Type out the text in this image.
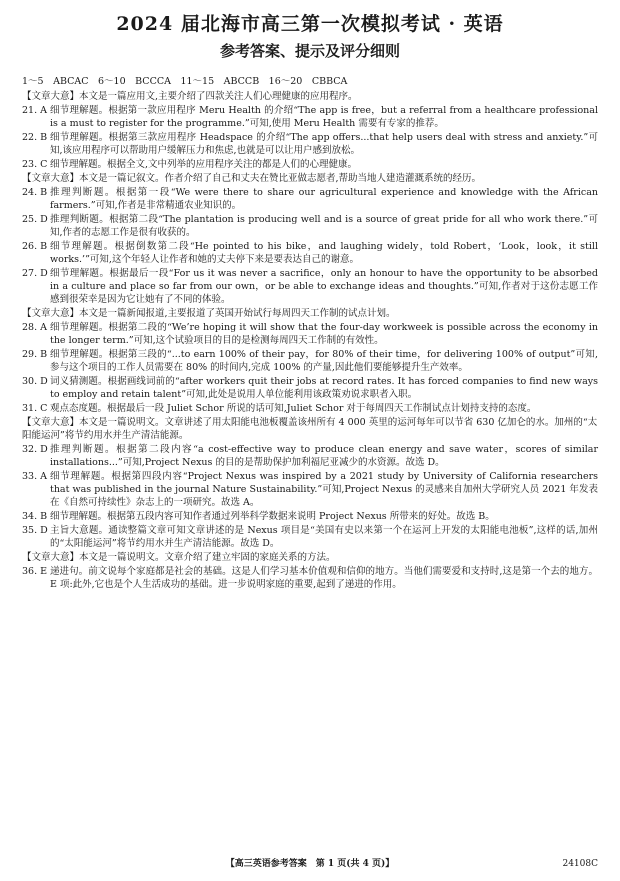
2024 届北海市高三第一次模拟考试 · 英语
参考答案、提示及评分细则
1～5　ABCAC　6～10　BCCCA　11～15　ABCCB　16～20　CBBCA
【文章大意】本文是一篇应用文,主要介绍了四款关注人们心理健康的应用程序。
21. A 细节理解题。根据第一款应用程序 Meru Health 的介绍“The app is free，but a referral from a healthcare professional is a must to register for the programme.”可知,使用 Meru Health 需要有专家的推荐。
22. B 细节理解题。根据第三款应用程序 Headspace 的介绍“The app offers...that help users deal with stress and anxiety.”可知,该应用程序可以帮助用户缓解压力和焦虑,也就是可以让用户感到放松。
23. C 细节理解题。根据全文,文中列举的应用程序关注的都是人们的心理健康。
【文章大意】本文是一篇记叙文。作者介绍了自己和丈夫在赞比亚做志愿者,帮助当地人建造灌溉系统的经历。
24. B 推理判断题。根据第一段“We were there to share our agricultural experience and knowledge with the African farmers.”可知,作者是非常精通农业知识的。
25. D 推理判断题。根据第二段“The plantation is producing well and is a source of great pride for all who work there.”可知,作者的志愿工作是很有收获的。
26. B 细节理解题。根据倒数第二段“He pointed to his bike，and laughing widely，told Robert，‘Look，look，it still works.’”可知,这个年轻人让作者和她的丈夫停下来是要表达自己的谢意。
27. D 细节理解题。根据最后一段“For us it was never a sacrifice，only an honour to have the opportunity to be absorbed in a culture and place so far from our own，or be able to exchange ideas and thoughts.”可知,作者对于这份志愿工作感到很荣幸是因为它让她有了不同的体验。
【文章大意】本文是一篇新闻报道,主要报道了英国开始试行每周四天工作制的试点计划。
28. A 细节理解题。根据第二段的“We’re hoping it will show that the four-day workweek is possible across the economy in the longer term.”可知,这个试验项目的目的是检测每周四天工作制的有效性。
29. B 细节理解题。根据第三段的“...to earn 100% of their pay，for 80% of their time，for delivering 100% of output”可知,参与这个项目的工作人员需要在 80% 的时间内,完成 100% 的产量,因此他们要能够提升生产效率。
30. D 词义猜测题。根据画线词前的“after workers quit their jobs at record rates. It has forced companies to find new ways to employ and retain talent”可知,此处是说用人单位能利用该政策劝说求职者入职。
31. C 观点态度题。根据最后一段 Juliet Schor 所说的话可知,Juliet Schor 对于每周四天工作制试点计划持支持的态度。
【文章大意】本文是一篇说明文。文章讲述了用太阳能电池板覆盖该州所有 4 000 英里的运河每年可以节省 630 亿加仑的水。加州的“太阳能运河”将节约用水并生产清洁能源。
32. D 推理判断题。根据第二段内容“a cost-effective way to produce clean energy and save water，scores of similar installations...”可知,Project Nexus 的目的是帮助保护加利福尼亚减少的水资源。故选 D。
33. A 细节理解题。根据第四段内容“Project Nexus was inspired by a 2021 study by University of California researchers that was published in the journal Nature Sustainability.”可知,Project Nexus 的灵感来自加州大学研究人员 2021 年发表在《自然可持续性》杂志上的一项研究。故选 A。
34. B 细节理解题。根据第五段内容可知作者通过列举科学数据来说明 Project Nexus 所带来的好处。故选 B。
35. D 主旨大意题。通读整篇文章可知文章讲述的是 Nexus 项目是“美国有史以来第一个在运河上开发的太阳能电池板”,这样的话,加州的“太阳能运河”将节约用水并生产清洁能源。故选 D。
【文章大意】本文是一篇说明文。文章介绍了建立牢固的家庭关系的方法。
36. E 递进句。前文说每个家庭都是社会的基础。这是人们学习基本价值观和信仰的地方。当他们需要爱和支持时,这是第一个去的地方。E 项:此外,它也是个人生活成功的基础。进一步说明家庭的重要,起到了递进的作用。
【高三英语参考答案　第 1 页(共 4 页)】	24108C
